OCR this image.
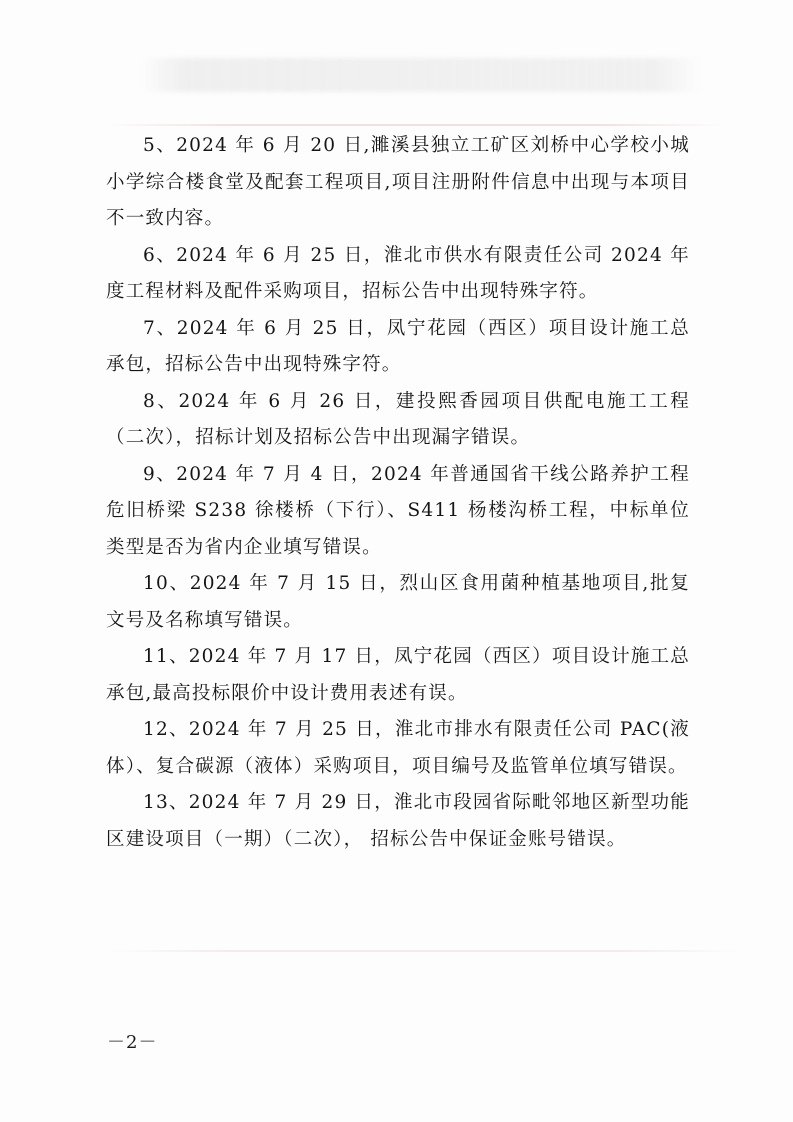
5、2024 年 6 月 20 日,濉溪县独立工矿区刘桥中心学校小城小学综合楼食堂及配套工程项目,项目注册附件信息中出现与本项目不一致内容。

6、2024 年 6 月 25 日，淮北市供水有限责任公司 2024 年度工程材料及配件采购项目，招标公告中出现特殊字符。

7、2024 年 6 月 25 日，凤宁花园（西区）项目设计施工总承包，招标公告中出现特殊字符。

8、2024 年 6 月 26 日，建投熙香园项目供配电施工工程（二次），招标计划及招标公告中出现漏字错误。

9、2024 年 7 月 4 日，2024 年普通国省干线公路养护工程危旧桥梁 S238 徐楼桥（下行）、S411 杨楼沟桥工程，中标单位类型是否为省内企业填写错误。

10、2024 年 7 月 15 日，烈山区食用菌种植基地项目,批复文号及名称填写错误。

11、2024 年 7 月 17 日，凤宁花园（西区）项目设计施工总承包,最高投标限价中设计费用表述有误。

12、2024 年 7 月 25 日，淮北市排水有限责任公司 PAC(液体）、复合碳源（液体）采购项目，项目编号及监管单位填写错误。

13、2024 年 7 月 29 日，淮北市段园省际毗邻地区新型功能区建设项目（一期）（二次）， 招标公告中保证金账号错误。

－2－
